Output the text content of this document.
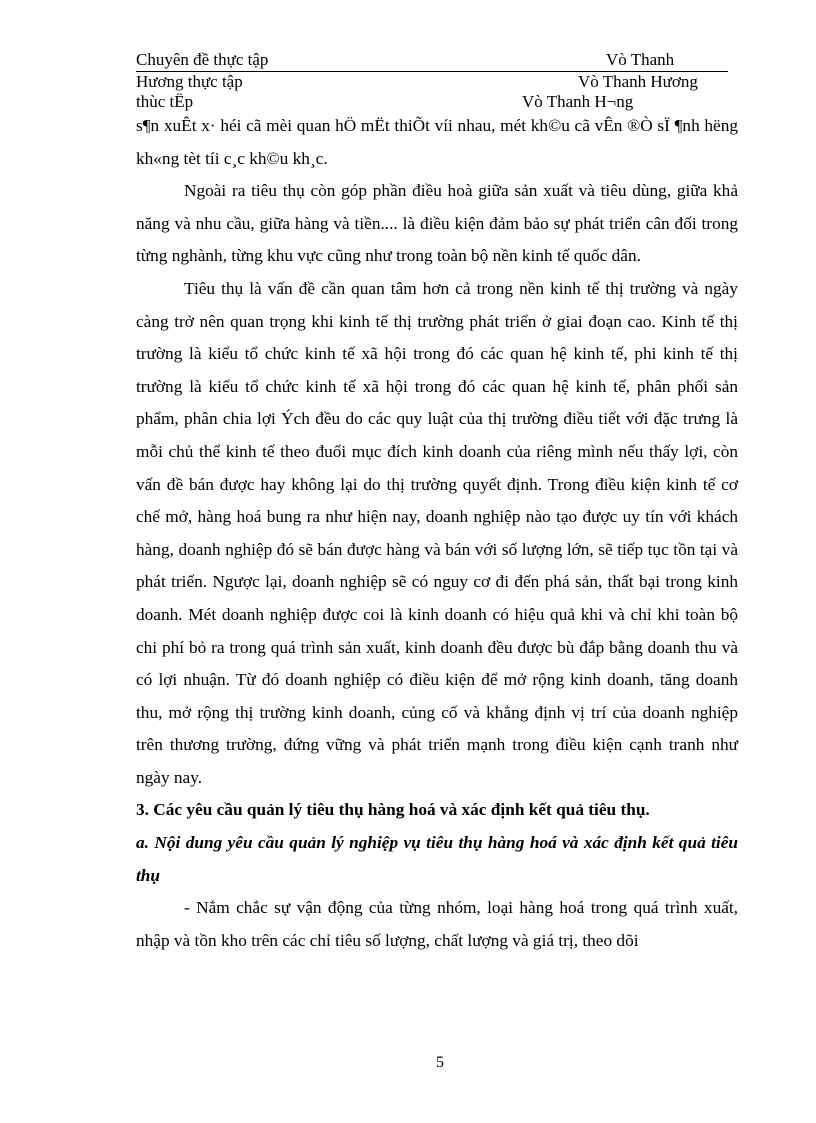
Chuyên đề thực tập	Vò Thanh
Hương thực tập	Vò Thanh Hương
thùc tËp	Vò Thanh H¬ng

s¶n xuÊt x· héi cã mèi quan hÖ mËt thiÕt víi nhau, mét kh©u cã vÊn ®Ò sÏ ¶nh hëng kh«ng tèt tíi c¸c kh©u kh¸c.

Ngoài ra tiêu thụ còn góp phần điều hoà giữa sản xuất và tiêu dùng, giữa khả năng và nhu cầu, giữa hàng và tiền.... là điều kiện đảm bảo sự phát triển cân đối trong từng nghành, từng khu vực cũng như trong toàn bộ nền kinh tế quốc dân.

Tiêu thụ là vấn đề cần quan tâm hơn cả trong nền kinh tế thị trường và ngày càng trở nên quan trọng khi kinh tế thị trường phát triển ở giai đoạn cao. Kinh tế thị trường là kiểu tổ chức kinh tế xã hội trong đó các quan hệ kinh tế, phi kinh tế thị trường là kiểu tổ chức kinh tế xã hội trong đó các quan hệ kinh tế, phân phối sản phẩm, phân chia lợi Ých đều do các quy luật của thị trường điều tiết với đặc trưng là mỗi chủ thể kinh tế theo đuổi mục đích kinh doanh của riêng mình nếu thấy lợi, còn vấn đề bán được hay không lại do thị trường quyết định. Trong điều kiện kinh tế cơ chế mở, hàng hoá bung ra như hiện nay, doanh nghiệp nào tạo được uy tín với khách hàng, doanh nghiệp đó sẽ bán được hàng và bán với số lượng lớn, sẽ tiếp tục tồn tại và phát triển. Ngược lại, doanh nghiệp sẽ có nguy cơ đi đến phá sản, thất bại trong kinh doanh. Mét doanh nghiệp được coi là kinh doanh có hiệu quả khi và chỉ khi toàn bộ chi phí bỏ ra trong quá trình sản xuất, kinh doanh đều được bù đắp bằng doanh thu và có lợi nhuận. Từ đó doanh nghiệp có điều kiện để mở rộng kinh doanh, tăng doanh thu, mở rộng thị trường kinh doanh, củng cố và khẳng định vị trí của doanh nghiệp trên thương trường, đứng vững và phát triển mạnh trong điều kiện cạnh tranh như ngày nay.

3. Các yêu cầu quản lý tiêu thụ hàng hoá và xác định kết quả tiêu thụ.

a. Nội dung yêu cầu quản lý nghiệp vụ tiêu thụ hàng hoá và xác định kết quả tiêu thụ

- Nắm chắc sự vận động của từng nhóm, loại hàng hoá trong quá trình xuất, nhập và tồn kho trên các chỉ tiêu số lượng, chất lượng và giá trị, theo dõi

5
